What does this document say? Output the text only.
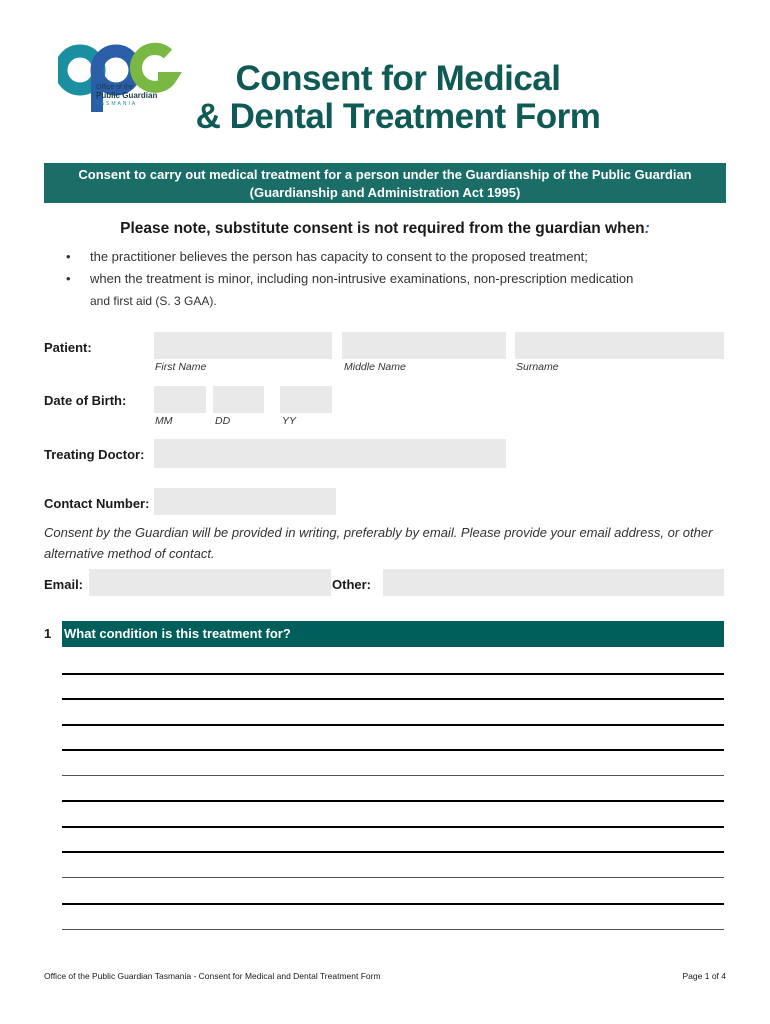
Office of the
Public Guardian
TASMANIA
Consent for Medical
& Dental Treatment Form
Consent to carry out medical treatment for a person under the Guardianship of the Public Guardian
(Guardianship and Administration Act 1995)
Please note, substitute consent is not required from the guardian when:
• the practitioner believes the person has capacity to consent to the proposed treatment;
• when the treatment is minor, including non-intrusive examinations, non-prescription medication
and first aid (S. 3 GAA).
Patient:
First Name	Middle Name	Surname
Date of Birth:
MM	DD	YY
Treating Doctor:
Contact Number:
Consent by the Guardian will be provided in writing, preferably by email. Please provide your email address, or other alternative method of contact.
Email:	Other:
1 What condition is this treatment for?
Office of the Public Guardian Tasmania - Consent for Medical and Dental Treatment Form	Page 1 of 4
